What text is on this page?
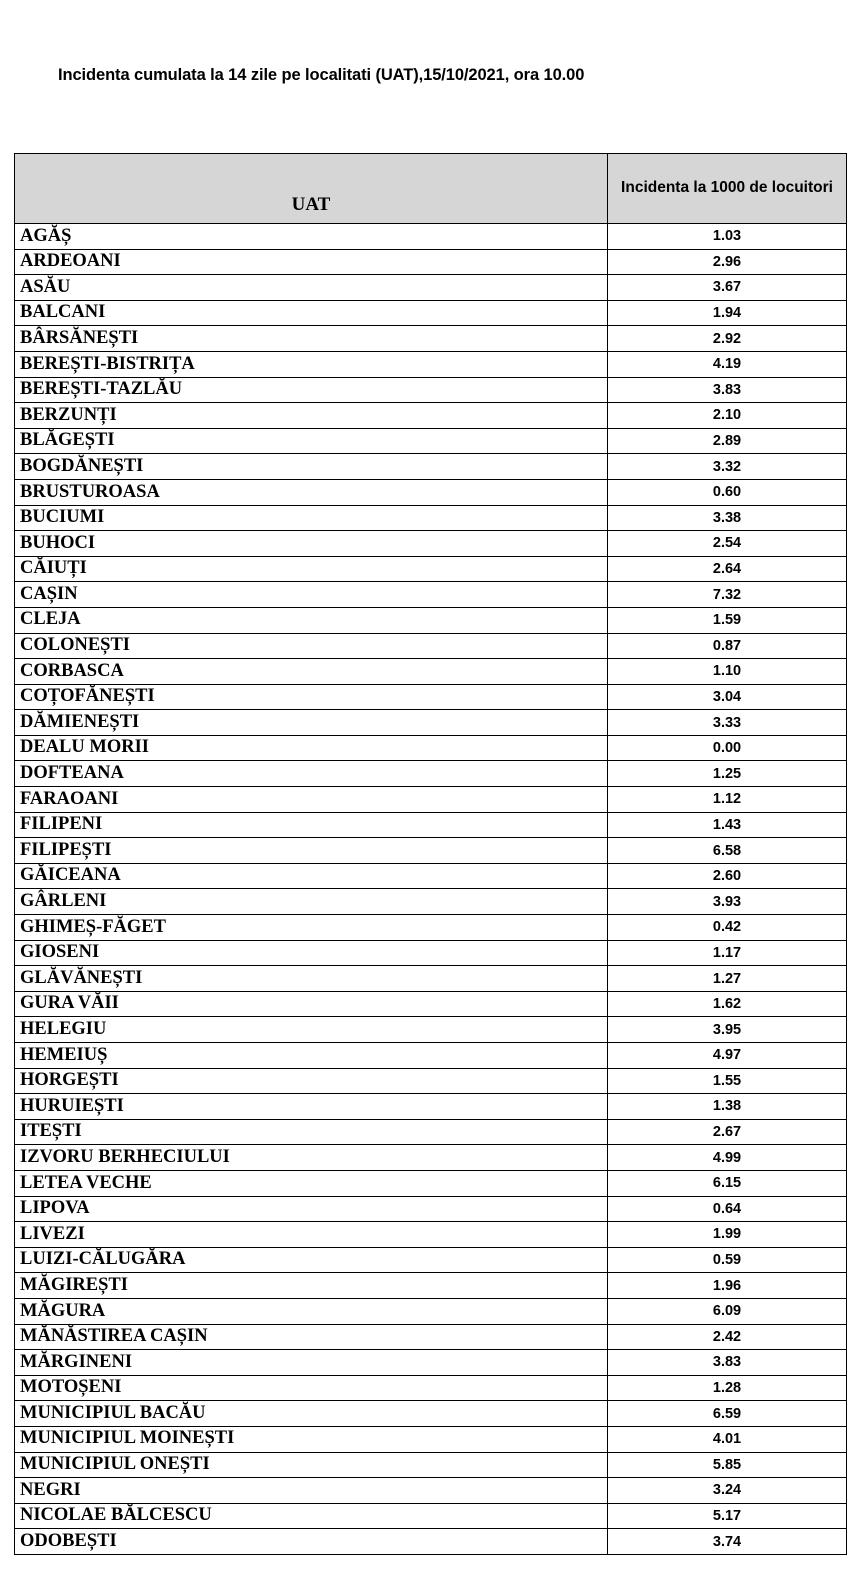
Incidenta cumulata la 14 zile pe localitati (UAT),15/10/2021, ora 10.00
UAT	Incidenta la 1000 de locuitori
AGĂȘ	1.03
ARDEOANI	2.96
ASĂU	3.67
BALCANI	1.94
BÂRSĂNEȘTI	2.92
BEREȘTI-BISTRIȚA	4.19
BEREȘTI-TAZLĂU	3.83
BERZUNȚI	2.10
BLĂGEȘTI	2.89
BOGDĂNEȘTI	3.32
BRUSTUROASA	0.60
BUCIUMI	3.38
BUHOCI	2.54
CĂIUȚI	2.64
CAȘIN	7.32
CLEJA	1.59
COLONEȘTI	0.87
CORBASCA	1.10
COȚOFĂNEȘTI	3.04
DĂMIENEȘTI	3.33
DEALU MORII	0.00
DOFTEANA	1.25
FARAOANI	1.12
FILIPENI	1.43
FILIPEȘTI	6.58
GĂICEANA	2.60
GÂRLENI	3.93
GHIMEȘ-FĂGET	0.42
GIOSENI	1.17
GLĂVĂNEȘTI	1.27
GURA VĂII	1.62
HELEGIU	3.95
HEMEIUȘ	4.97
HORGEȘTI	1.55
HURUIEȘTI	1.38
ITEȘTI	2.67
IZVORU BERHECIULUI	4.99
LETEA VECHE	6.15
LIPOVA	0.64
LIVEZI	1.99
LUIZI-CĂLUGĂRA	0.59
MĂGIREȘTI	1.96
MĂGURA	6.09
MĂNĂSTIREA CAȘIN	2.42
MĂRGINENI	3.83
MOTOȘENI	1.28
MUNICIPIUL BACĂU	6.59
MUNICIPIUL MOINEȘTI	4.01
MUNICIPIUL ONEȘTI	5.85
NEGRI	3.24
NICOLAE BĂLCESCU	5.17
ODOBEȘTI	3.74
